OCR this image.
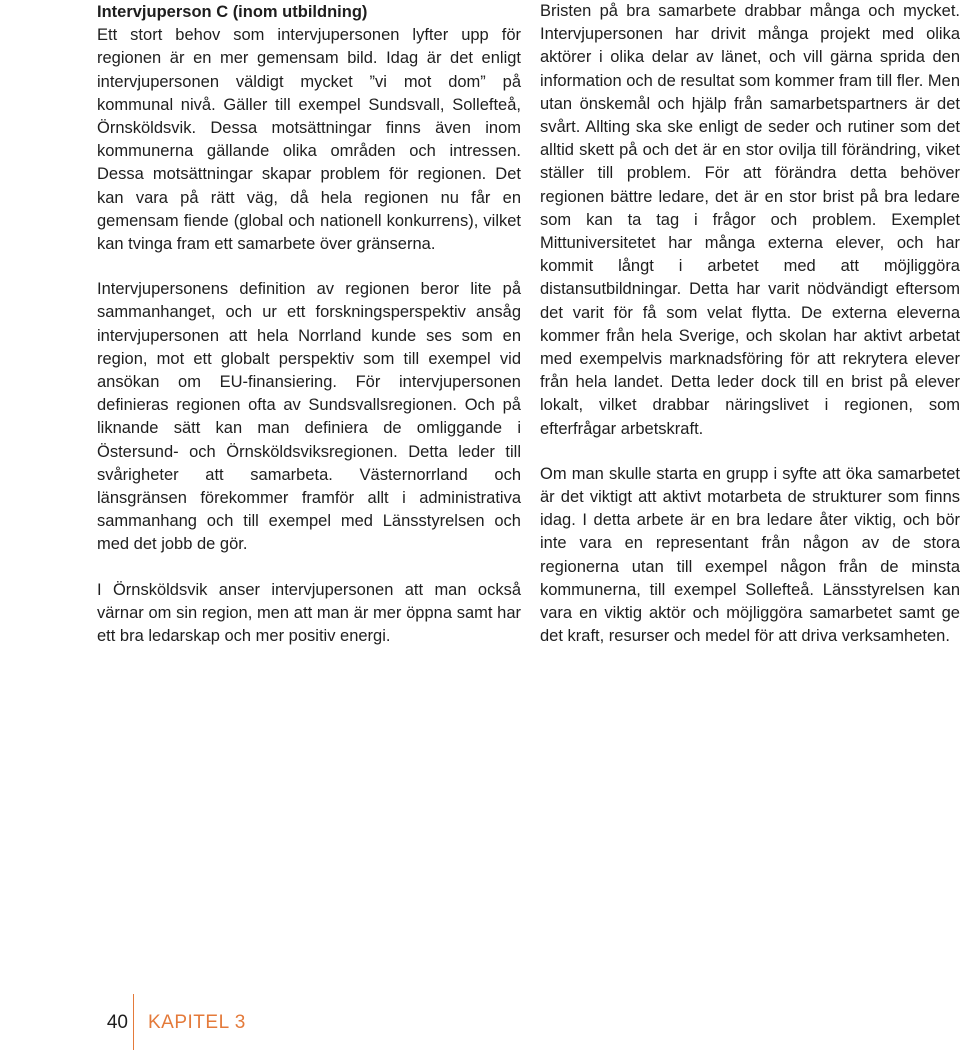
Intervjuperson C (inom utbildning)

Ett stort behov som intervjupersonen lyfter upp för regionen är en mer gemensam bild. Idag är det enligt intervjupersonen väldigt mycket ”vi mot dom” på kommunal nivå. Gäller till exempel Sundsvall, Sollefteå, Örnsköldsvik. Dessa motsättningar finns även inom kommunerna gällande olika områden och intressen. Dessa motsättningar skapar problem för regionen. Det kan vara på rätt väg, då hela regionen nu får en gemensam fiende (global och nationell konkurrens), vilket kan tvinga fram ett samarbete över gränserna.

Intervjupersonens definition av regionen beror lite på sammanhanget, och ur ett forskningsperspektiv ansåg intervjupersonen att hela Norrland kunde ses som en region, mot ett globalt perspektiv som till exempel vid ansökan om EU-finansiering. För intervjupersonen definieras regionen ofta av Sundsvallsregionen. Och på liknande sätt kan man definiera de omliggande i Östersund- och Örnsköldsviksregionen. Detta leder till svårigheter att samarbeta. Västernorrland och länsgränsen förekommer framför allt i administrativa sammanhang och till exempel med Länsstyrelsen och med det jobb de gör.

I Örnsköldsvik anser intervjupersonen att man också värnar om sin region, men att man är mer öppna samt har ett bra ledarskap och mer positiv energi.

Bristen på bra samarbete drabbar många och mycket. Intervjupersonen har drivit många projekt med olika aktörer i olika delar av länet, och vill gärna sprida den information och de resultat som kommer fram till fler. Men utan önskemål och hjälp från samarbetspartners är det svårt. Allting ska ske enligt de seder och rutiner som det alltid skett på och det är en stor ovilja till förändring, viket ställer till problem. För att förändra detta behöver regionen bättre ledare, det är en stor brist på bra ledare som kan ta tag i frågor och problem. Exemplet Mittuniversitetet har många externa elever, och har kommit långt i arbetet med att möjliggöra distansutbildningar. Detta har varit nödvändigt eftersom det varit för få som velat flytta. De externa eleverna kommer från hela Sverige, och skolan har aktivt arbetat med exempelvis marknadsföring för att rekrytera elever från hela landet. Detta leder dock till en brist på elever lokalt, vilket drabbar näringslivet i regionen, som efterfrågar arbetskraft.

Om man skulle starta en grupp i syfte att öka samarbetet är det viktigt att aktivt motarbeta de strukturer som finns idag. I detta arbete är en bra ledare åter viktig, och bör inte vara en representant från någon av de stora regionerna utan till exempel någon från de minsta kommunerna, till exempel Sollefteå. Länsstyrelsen kan vara en viktig aktör och möjliggöra samarbetet samt ge det kraft, resurser och medel för att driva verksamheten.

40 KAPITEL 3
